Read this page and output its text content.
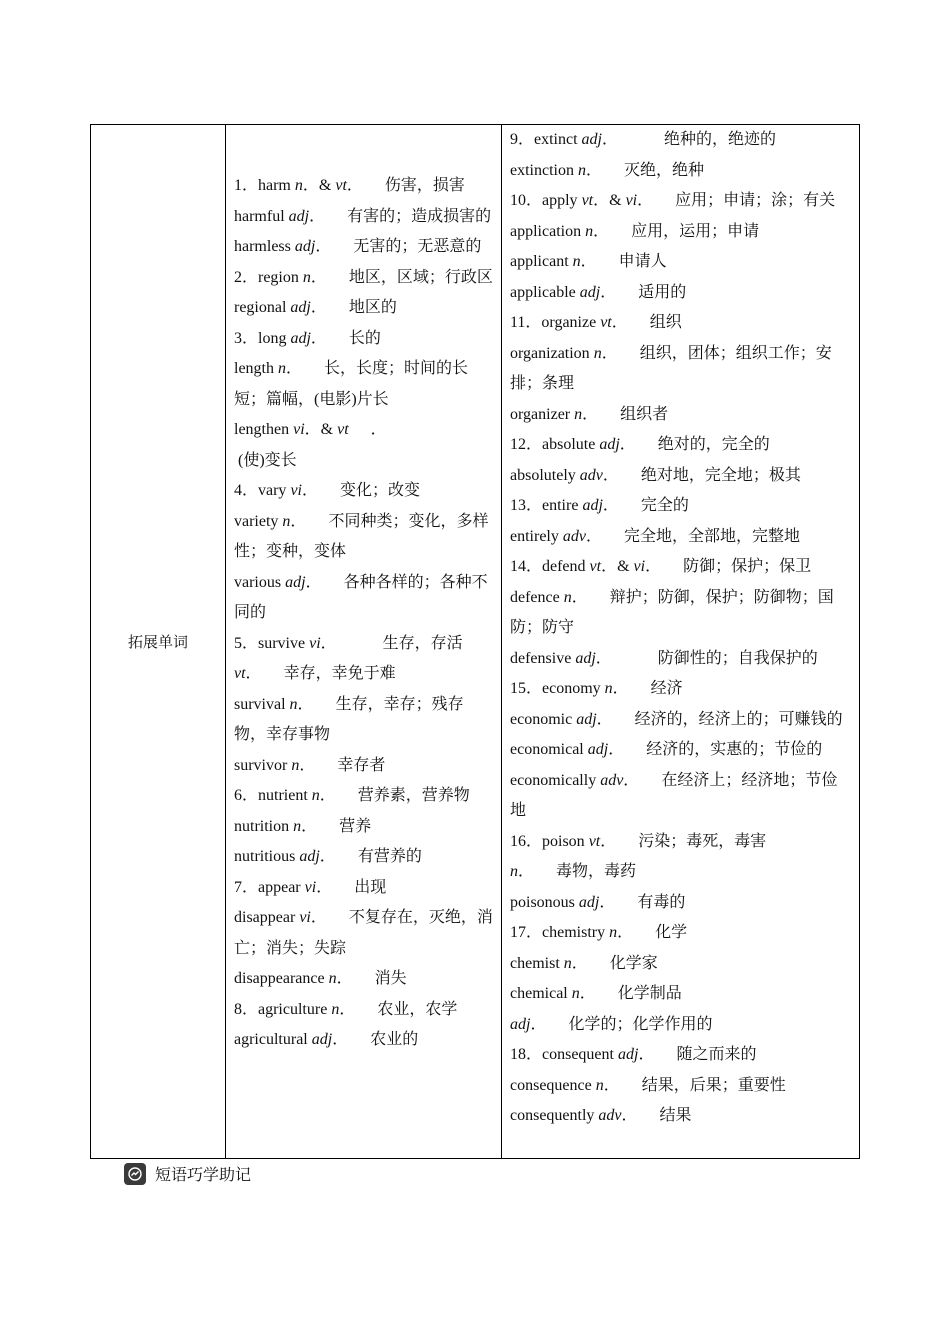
拓展单词
1．harm n．& vt． 伤害，损害
harmful adj． 有害的；造成损害的
harmless adj． 无害的；无恶意的
2．region n． 地区，区域；行政区
regional adj． 地区的
3．long adj． 长的
length n． 长，长度；时间的长短；篇幅，(电影)片长
lengthen vi．& vt ．
(使)变长
4．vary vi． 变化；改变
variety n． 不同种类；变化，多样性；变种，变体
various adj． 各种各样的；各种不同的
5．survive vi．      生存，存活
vt． 幸存，幸免于难
survival n． 生存，幸存；残存物，幸存事物
survivor n． 幸存者
6．nutrient n． 营养素，营养物
nutrition n． 营养
nutritious adj． 有营养的
7．appear vi． 出现
disappear vi． 不复存在，灭绝，消亡；消失；失踪
disappearance n． 消失
8．agriculture n． 农业，农学
agricultural adj． 农业的
9．extinct adj．      绝种的，绝迹的
extinction n． 灭绝，绝种
10．apply vt．& vi． 应用；申请；涂；有关
application n． 应用，运用；申请
applicant n． 申请人
applicable adj． 适用的
11．organize vt． 组织
organization n． 组织，团体；组织工作；安排；条理
organizer n． 组织者
12．absolute adj． 绝对的，完全的
absolutely adv． 绝对地，完全地；极其
13．entire adj． 完全的
entirely adv． 完全地，全部地，完整地
14．defend vt．& vi． 防御；保护；保卫
defence n． 辩护；防御，保护；防御物；国防；防守
defensive adj．      防御性的；自我保护的
15．economy n． 经济
economic adj． 经济的，经济上的；可赚钱的
economical adj． 经济的，实惠的；节俭的
economically adv． 在经济上；经济地；节俭地
16．poison vt． 污染；毒死，毒害
n． 毒物，毒药
poisonous adj． 有毒的
17．chemistry n． 化学
chemist n． 化学家
chemical n． 化学制品
adj． 化学的；化学作用的
18．consequent adj． 随之而来的
consequence n． 结果，后果；重要性
consequently adv． 结果
短语巧学助记
